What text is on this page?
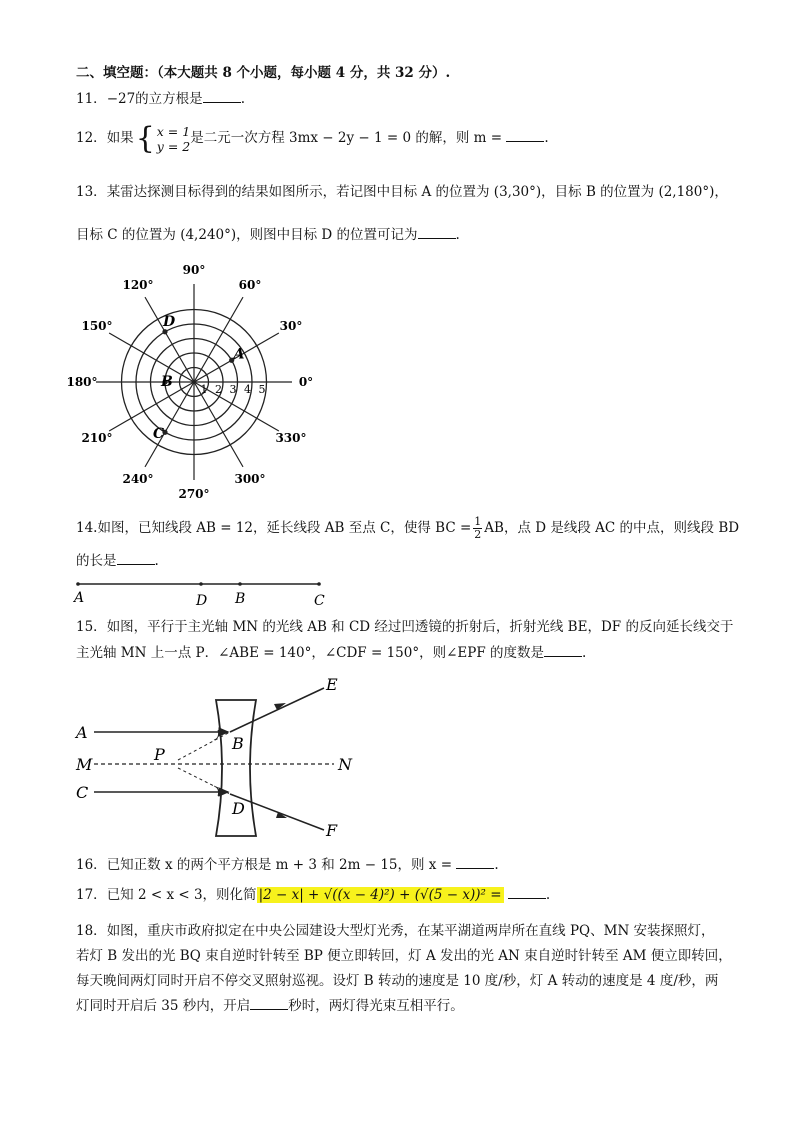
二、填空题：（本大题共 8 个小题，每小题 4 分，共 32 分）.
11．−27的立方根是	.
12．如果{ x = 1
y = 2 是二元一次方程 3mx − 2y − 1 = 0 的解，则 m =	.
13．某雷达探测目标得到的结果如图所示，若记图中目标 A 的位置为 (3,30°)，目标 B 的位置为 (2,180°)，
目标 C 的位置为 (4,240°)，则图中目标 D 的位置可记为	.
90°
60°
30°
0°
330°
300°
270°
240°
210°
180°
150°
120°
1 2 3 4 5
A
B
C
D
14.如图，已知线段 AB = 12，延长线段 AB 至点 C，使得 BC = $\frac{1}{2}$ AB，点 D 是线段 AC 的中点，则线段 BD
的长是	.
A	D B	C
15．如图，平行于主光轴 MN 的光线 AB 和 CD 经过凹透镜的折射后，折射光线 BE，DF 的反向延长线交于
主光轴 MN 上一点 P．∠ABE = 140°，∠CDF = 150°，则∠EPF 的度数是	.
A
M
C
P
B
D
E
F
N
16．已知正数 x 的两个平方根是 m + 3 和 2m − 15，则 x =	.
17．已知 2 < x < 3，则化简 |2 − x| + √((x − 4)²) + (√(5 − x))² =	.
18．如图，重庆市政府拟定在中央公园建设大型灯光秀，在某平湖道两岸所在直线 PQ、MN 安装探照灯，
若灯 B 发出的光 BQ 束自逆时针转至 BP 便立即转回，灯 A 发出的光 AN 束自逆时针转至 AM 便立即转回，
每天晚间两灯同时开启不停交叉照射巡视。设灯 B 转动的速度是 10 度/秒，灯 A 转动的速度是 4 度/秒，两
灯同时开启后 35 秒内，开启	秒时，两灯得光束互相平行。
